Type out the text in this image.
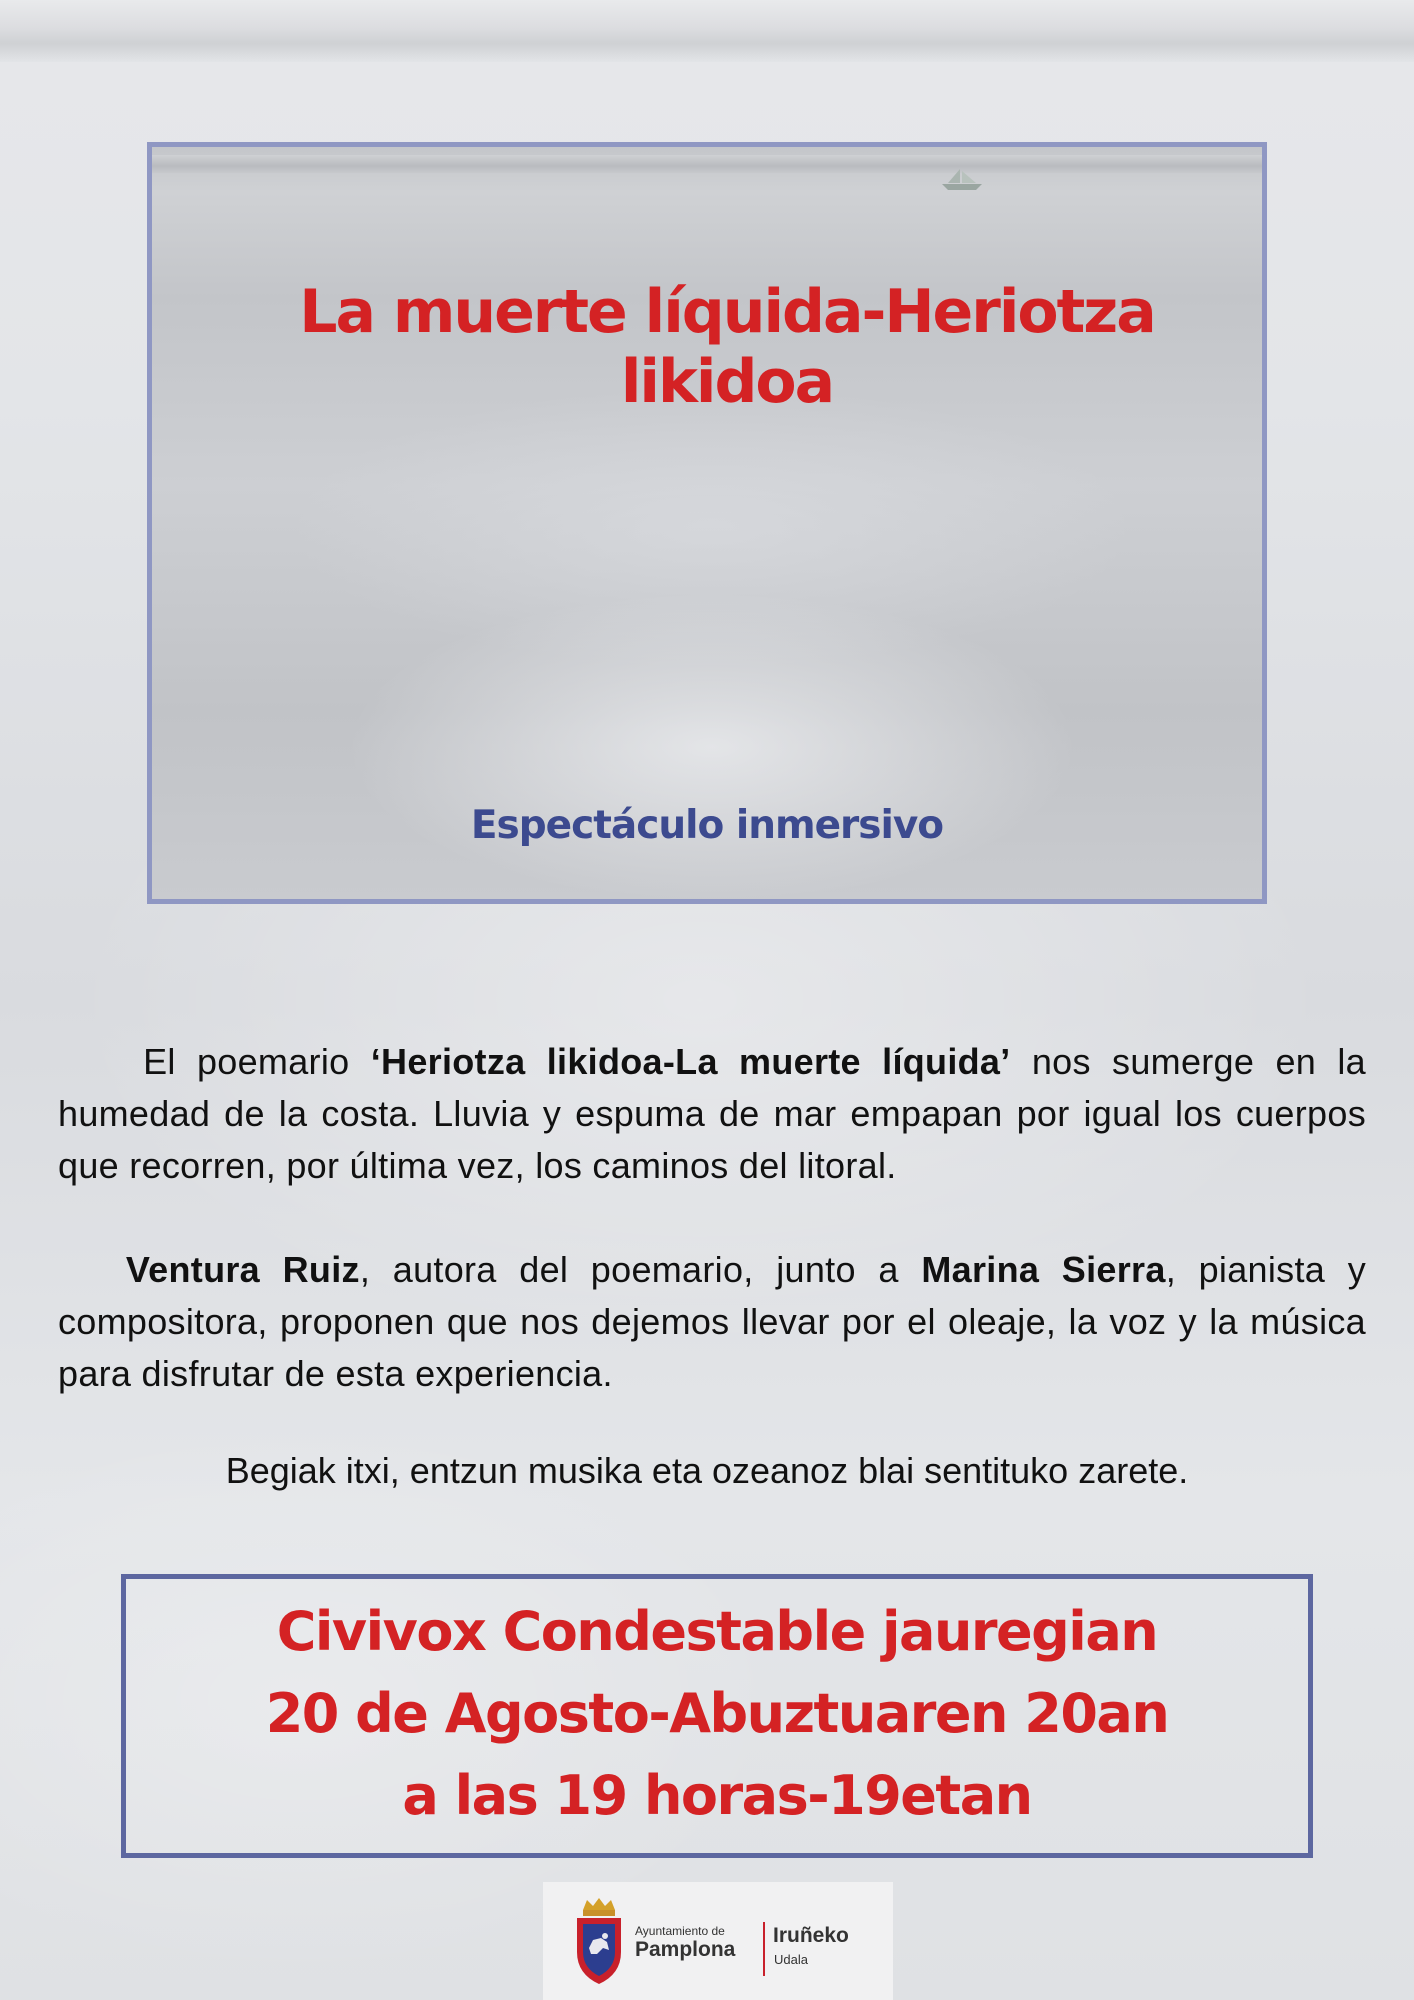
La muerte líquida-Heriotza likidoa
Espectáculo inmersivo

El poemario ‘Heriotza likidoa-La muerte líquida’ nos sumerge en la humedad de la costa. Lluvia y espuma de mar empapan por igual los cuerpos que recorren, por última vez, los caminos del litoral.

Ventura Ruiz, autora del poemario, junto a Marina Sierra, pianista y compositora, proponen que nos dejemos llevar por el oleaje, la voz y la música para disfrutar de esta experiencia.

Begiak itxi, entzun musika eta ozeanoz blai sentituko zarete.

Civivox Condestable jauregian
20 de Agosto-Abuztuaren 20an
a las 19 horas-19etan
Ayuntamiento de
Pamplona
Iruñeko
Udala
